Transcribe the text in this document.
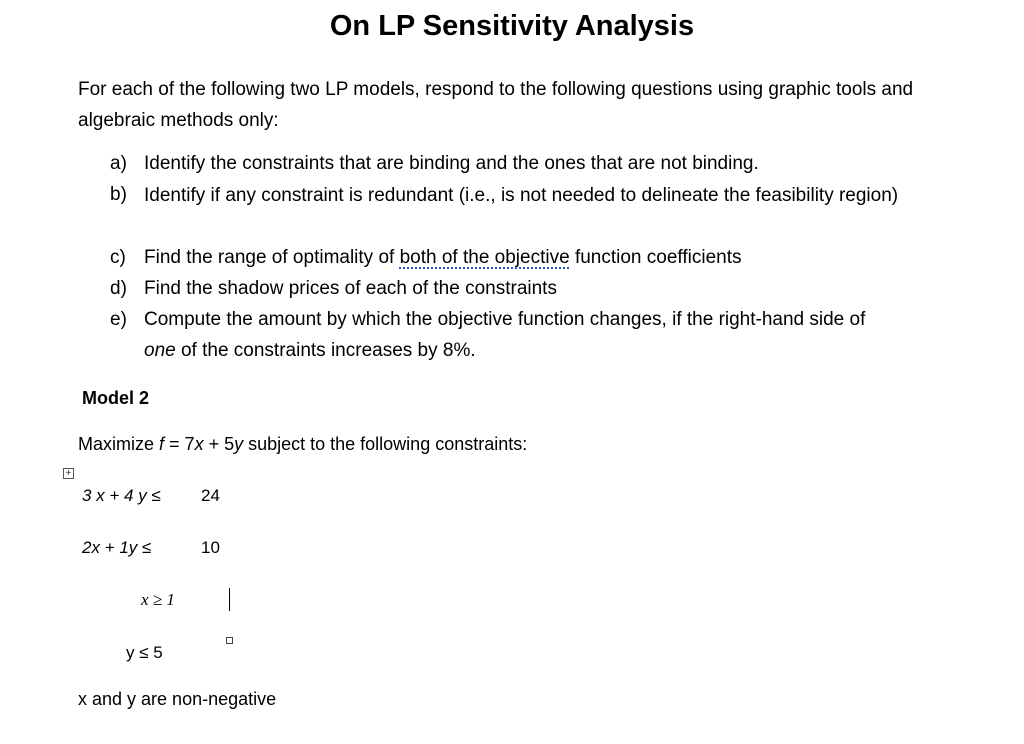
On LP Sensitivity Analysis
For each of the following two LP models, respond to the following questions using graphic tools and algebraic methods only:
a) Identify the constraints that are binding and the ones that are not binding.
b) Identify if any constraint is redundant (i.e., is not needed to delineate the feasibility region)
c) Find the range of optimality of both of the objective function coefficients
d) Find the shadow prices of each of the constraints
e) Compute the amount by which the objective function changes, if the right-hand side of
one of the constraints increases by 8%.
Model 2
Maximize f = 7x + 5y subject to the following constraints:
+
3 x + 4 y ≤ 24
2x + 1y ≤	10
x ≥ 1
y ≤ 5
x and y are non-negative
